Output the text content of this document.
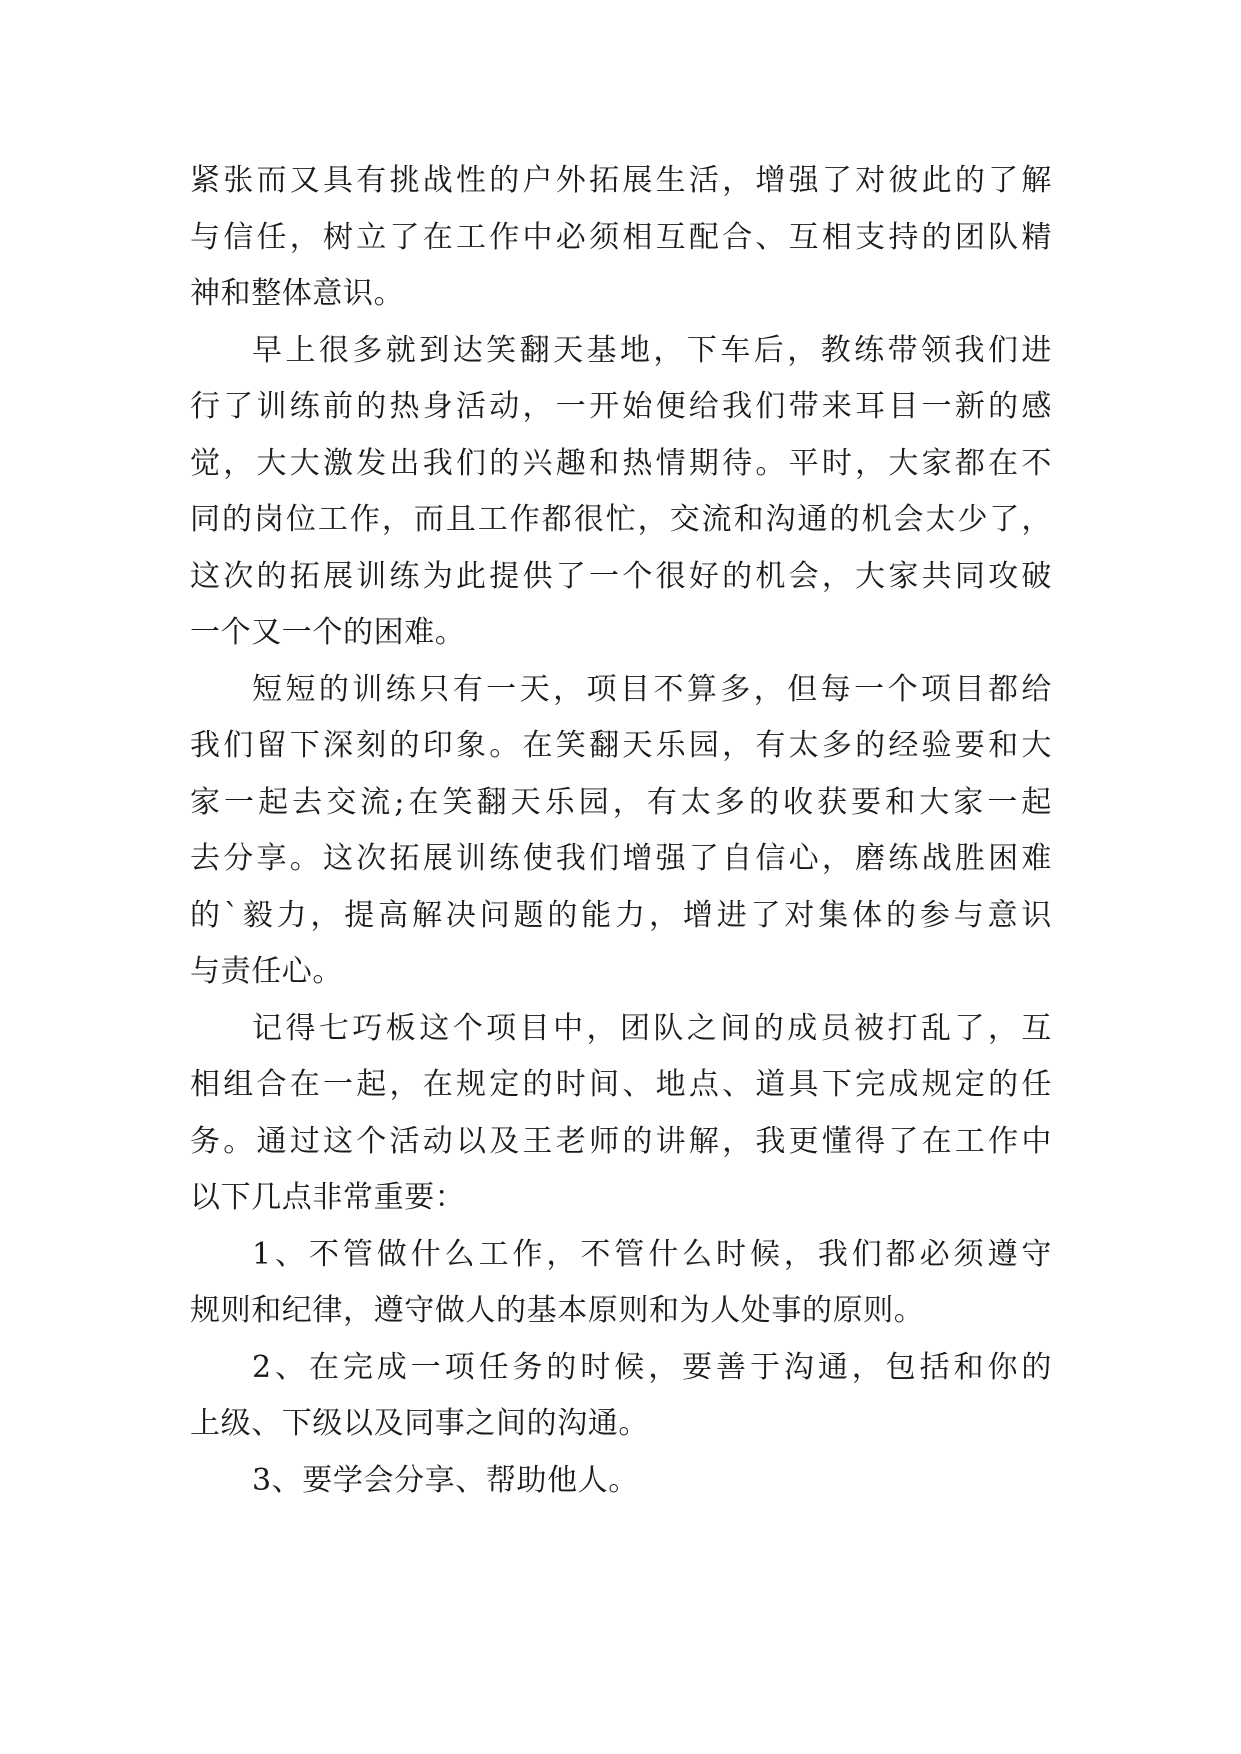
紧张而又具有挑战性的户外拓展生活，增强了对彼此的了解
与信任，树立了在工作中必须相互配合、互相支持的团队精
神和整体意识。

早上很多就到达笑翻天基地，下车后，教练带领我们进
行了训练前的热身活动，一开始便给我们带来耳目一新的感
觉，大大激发出我们的兴趣和热情期待。平时，大家都在不
同的岗位工作，而且工作都很忙，交流和沟通的机会太少了，
这次的拓展训练为此提供了一个很好的机会，大家共同攻破
一个又一个的困难。

短短的训练只有一天，项目不算多，但每一个项目都给
我们留下深刻的印象。在笑翻天乐园，有太多的经验要和大
家一起去交流;在笑翻天乐园，有太多的收获要和大家一起
去分享。这次拓展训练使我们增强了自信心，磨练战胜困难
的`毅力，提高解决问题的能力，增进了对集体的参与意识
与责任心。

记得七巧板这个项目中，团队之间的成员被打乱了，互
相组合在一起，在规定的时间、地点、道具下完成规定的任
务。通过这个活动以及王老师的讲解，我更懂得了在工作中
以下几点非常重要：

1、不管做什么工作，不管什么时候，我们都必须遵守
规则和纪律，遵守做人的基本原则和为人处事的原则。

2、在完成一项任务的时候，要善于沟通，包括和你的
上级、下级以及同事之间的沟通。

3、要学会分享、帮助他人。
